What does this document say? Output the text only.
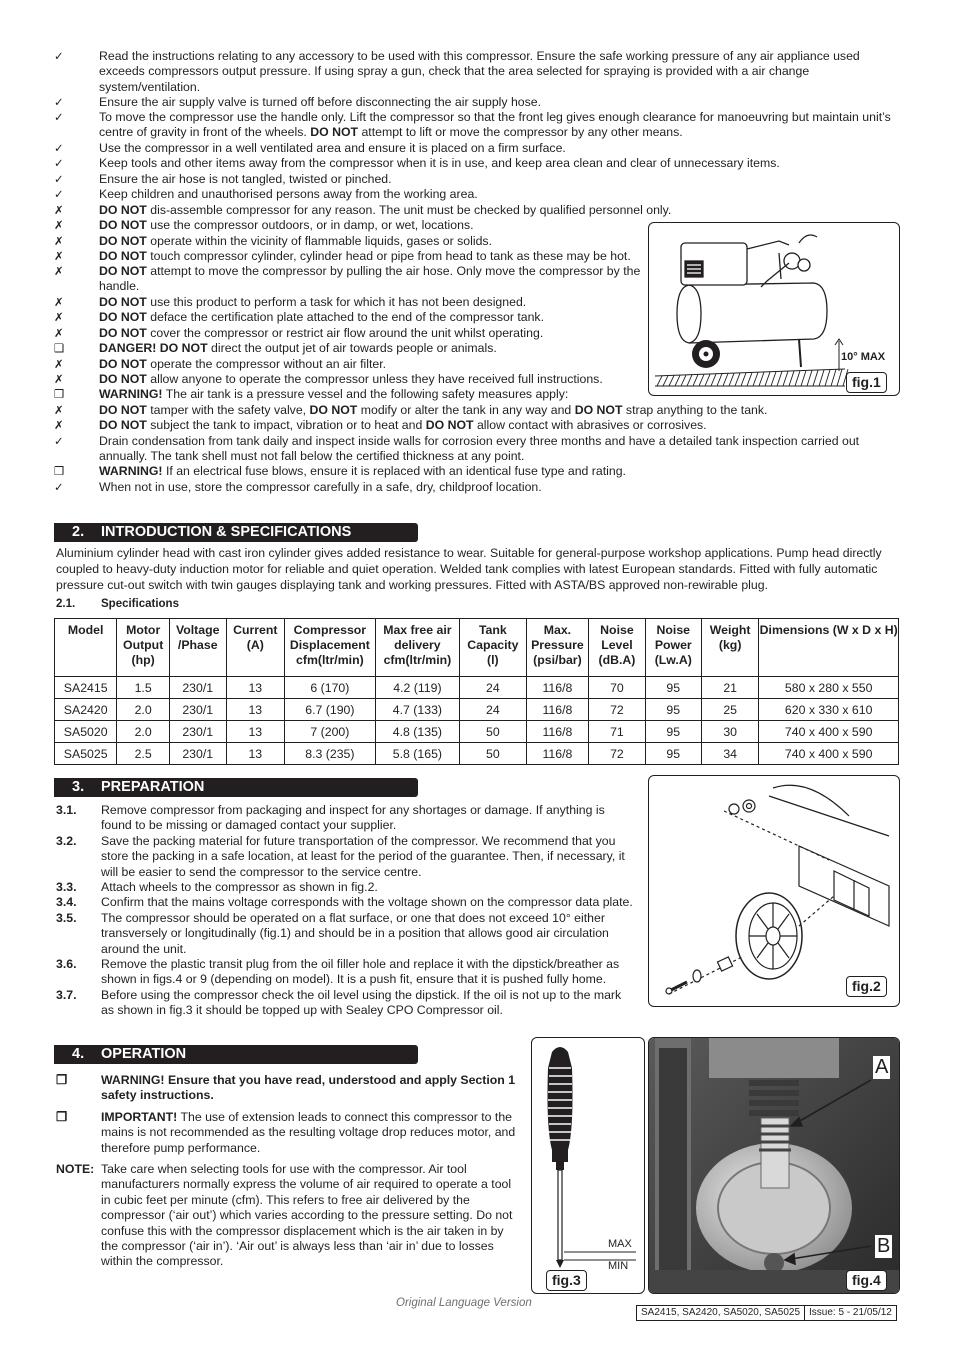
✓	Read the instructions relating to any accessory to be used with this compressor. Ensure the safe working pressure of any air appliance used exceeds compressors output pressure. If using spray a gun, check that the area selected for spraying is provided with a air change system/ventilation.
✓	Ensure the air supply valve is turned off before disconnecting the air supply hose.
✓	To move the compressor use the handle only. Lift the compressor so that the front leg gives enough clearance for manoeuvring but maintain unit’s centre of gravity in front of the wheels. DO NOT attempt to lift or move the compressor by any other means.
✓	Use the compressor in a well ventilated area and ensure it is placed on a firm surface.
✓	Keep tools and other items away from the compressor when it is in use, and keep area clean and clear of unnecessary items.
✓	Ensure the air hose is not tangled, twisted or pinched.
✓	Keep children and unauthorised persons away from the working area.
✗	DO NOT dis-assemble compressor for any reason. The unit must be checked by qualified personnel only.
✗	DO NOT use the compressor outdoors, or in damp, or wet, locations.
✗	DO NOT operate within the vicinity of flammable liquids, gases or solids.
✗	DO NOT touch compressor cylinder, cylinder head or pipe from head to tank as these may be hot.
✗	DO NOT attempt to move the compressor by pulling the air hose. Only move the compressor by the handle.
✗	DO NOT use this product to perform a task for which it has not been designed.
✗	DO NOT deface the certification plate attached to the end of the compressor tank.
✗	DO NOT cover the compressor or restrict air flow around the unit whilst operating.
❑	DANGER! DO NOT direct the output jet of air towards people or animals.
✗	DO NOT operate the compressor without an air filter.
✗	DO NOT allow anyone to operate the compressor unless they have received full instructions.
❒	WARNING! The air tank is a pressure vessel and the following safety measures apply:
✗	DO NOT tamper with the safety valve, DO NOT modify or alter the tank in any way and DO NOT strap anything to the tank.
✗	DO NOT subject the tank to impact, vibration or to heat and DO NOT allow contact with abrasives or corrosives.
✓	Drain condensation from tank daily and inspect inside walls for corrosion every three months and have a detailed tank inspection carried out annually. The tank shell must not fall below the certified thickness at any point.
❒	WARNING! If an electrical fuse blows, ensure it is replaced with an identical fuse type and rating.
✓	When not in use, store the compressor carefully in a safe, dry, childproof location.
10° MAX
fig.1
2. INTRODUCTION & SPECIFICATIONS
Aluminium cylinder head with cast iron cylinder gives added resistance to wear. Suitable for general-purpose workshop applications. Pump head directly coupled to heavy-duty induction motor for reliable and quiet operation. Welded tank complies with latest European standards. Fitted with fully automatic pressure cut-out switch with twin gauges displaying tank and working pressures. Fitted with ASTA/BS approved non-rewirable plug.
2.1. Specifications
Model	Motor Output (hp)	Voltage /Phase	Current (A)	Compressor Displacement cfm(ltr/min)	Max free air delivery cfm(ltr/min)	Tank Capacity (l)	Max. Pressure (psi/bar)	Noise Level (dB.A)	Noise Power (Lw.A)	Weight (kg)	Dimensions (W x D x H)
SA2415	1.5	230/1	13	6 (170)	4.2 (119)	24	116/8	70	95	21	580 x 280 x 550
SA2420	2.0	230/1	13	6.7 (190)	4.7 (133)	24	116/8	72	95	25	620 x 330 x 610
SA5020	2.0	230/1	13	7 (200)	4.8 (135)	50	116/8	71	95	30	740 x 400 x 590
SA5025	2.5	230/1	13	8.3 (235)	5.8 (165)	50	116/8	72	95	34	740 x 400 x 590
3. PREPARATION
3.1. Remove compressor from packaging and inspect for any shortages or damage. If anything is found to be missing or damaged contact your supplier.
3.2. Save the packing material for future transportation of the compressor. We recommend that you store the packing in a safe location, at least for the period of the guarantee. Then, if necessary, it will be easier to send the compressor to the service centre.
3.3. Attach wheels to the compressor as shown in fig.2.
3.4. Confirm that the mains voltage corresponds with the voltage shown on the compressor data plate.
3.5. The compressor should be operated on a flat surface, or one that does not exceed 10° either transversely or longitudinally (fig.1) and should be in a position that allows good air circulation around the unit.
3.6. Remove the plastic transit plug from the oil filler hole and replace it with the dipstick/breather as shown in figs.4 or 9 (depending on model). It is a push fit, ensure that it is pushed fully home.
3.7. Before using the compressor check the oil level using the dipstick. If the oil is not up to the mark as shown in fig.3 it should be topped up with Sealey CPO Compressor oil.
fig.2
4. OPERATION
❒	WARNING! Ensure that you have read, understood and apply Section 1 safety instructions.
❒	IMPORTANT! The use of extension leads to connect this compressor to the mains is not recommended as the resulting voltage drop reduces motor, and therefore pump performance.
NOTE: Take care when selecting tools for use with the compressor. Air tool manufacturers normally express the volume of air required to operate a tool in cubic feet per minute (cfm). This refers to free air delivered by the compressor (‘air out’) which varies according to the pressure setting. Do not confuse this with the compressor displacement which is the air taken in by the compressor (‘air in’). ‘Air out’ is always less than ‘air in’ due to losses within the compressor.
MAX
MIN
fig.3
A
B
fig.4
Original Language Version
SA2415, SA2420, SA5020, SA5025 Issue: 5 - 21/05/12
